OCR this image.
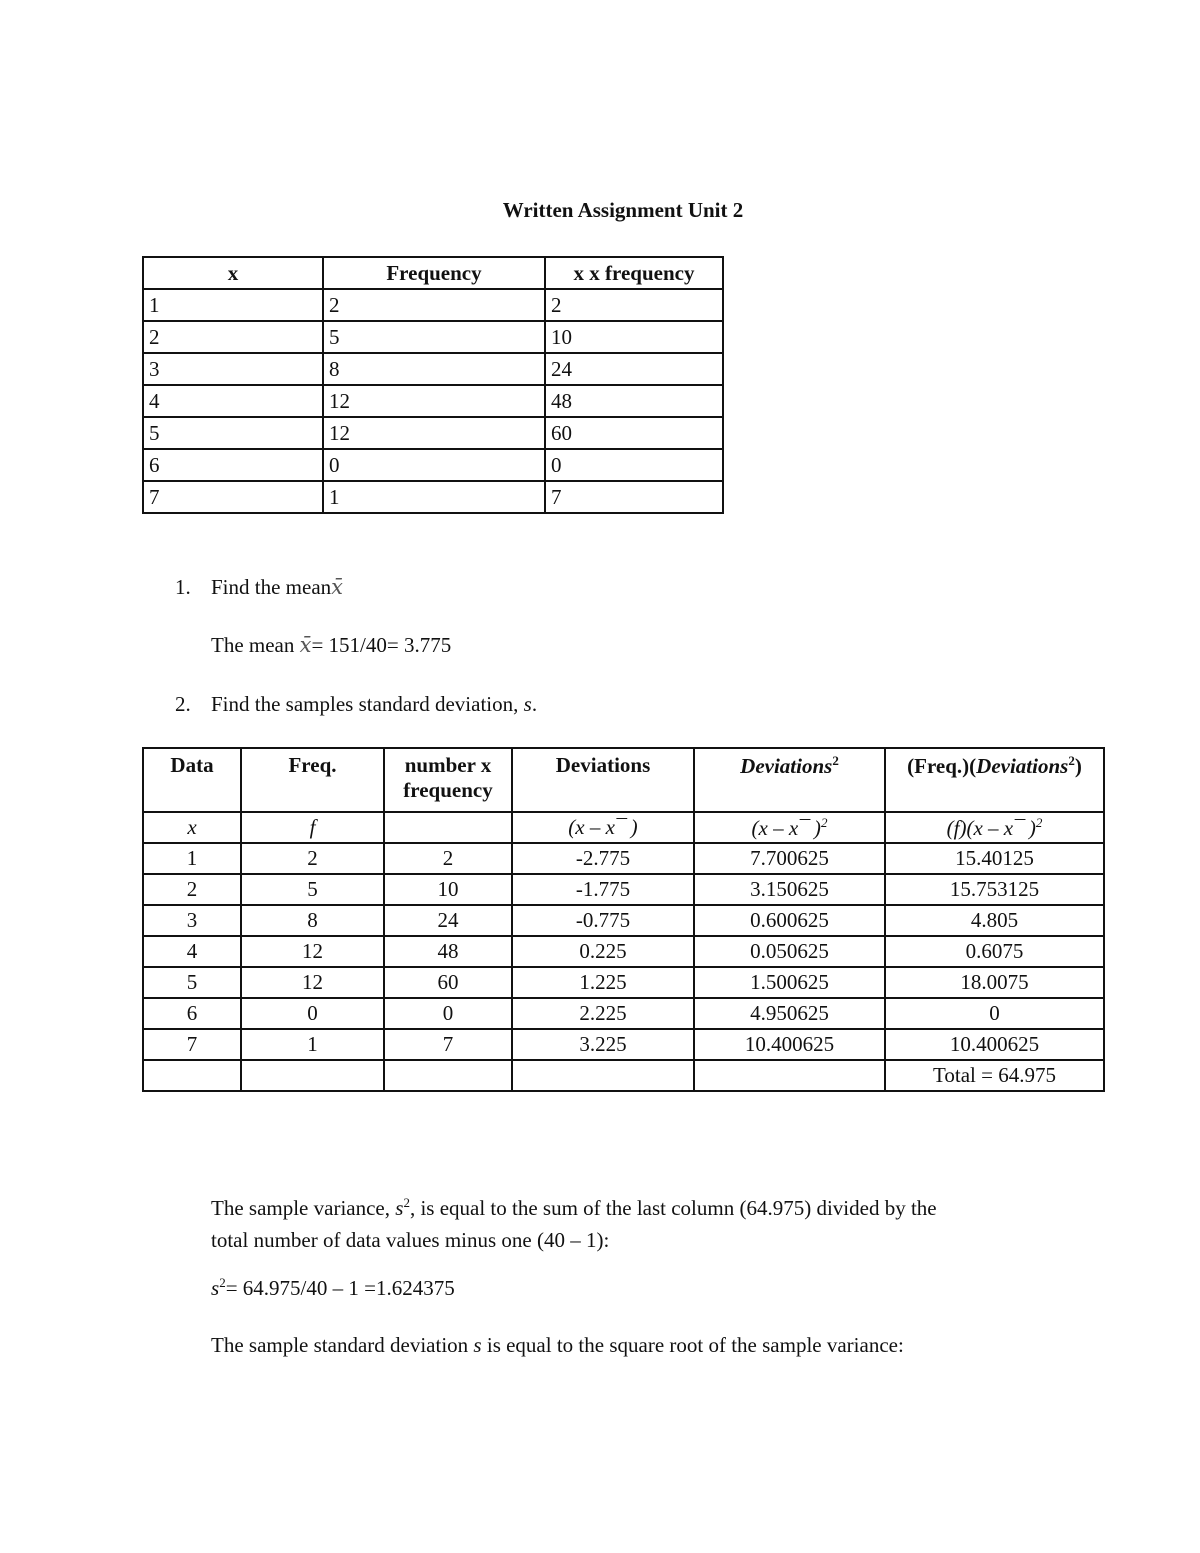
Written Assignment Unit 2
x	Frequency	x x frequency
1	2	2
2	5	10
3	8	24
4	12	48
5	12	60
6	0	0
7	1	7
1. Find the meanx̄
The mean x̄= 151/40= 3.775
2. Find the samples standard deviation, s.
Data	Freq.	number x frequency	Deviations	Deviations$^2$	(Freq.)(Deviations$^2$)
x	f		(x – x¯ )	(x – x¯ )$^2$	(f)(x – x¯ )$^2$
1	2	2	-2.775	7.700625	15.40125
2	5	10	-1.775	3.150625	15.753125
3	8	24	-0.775	0.600625	4.805
4	12	48	0.225	0.050625	0.6075
5	12	60	1.225	1.500625	18.0075
6	0	0	2.225	4.950625	0
7	1	7	3.225	10.400625	10.400625
					Total = 64.975
The sample variance, $s^2$, is equal to the sum of the last column (64.975) divided by the
total number of data values minus one (40 – 1):
$s^2= 64.975/40 - 1 =1.624375$
The sample standard deviation s is equal to the square root of the sample variance:
